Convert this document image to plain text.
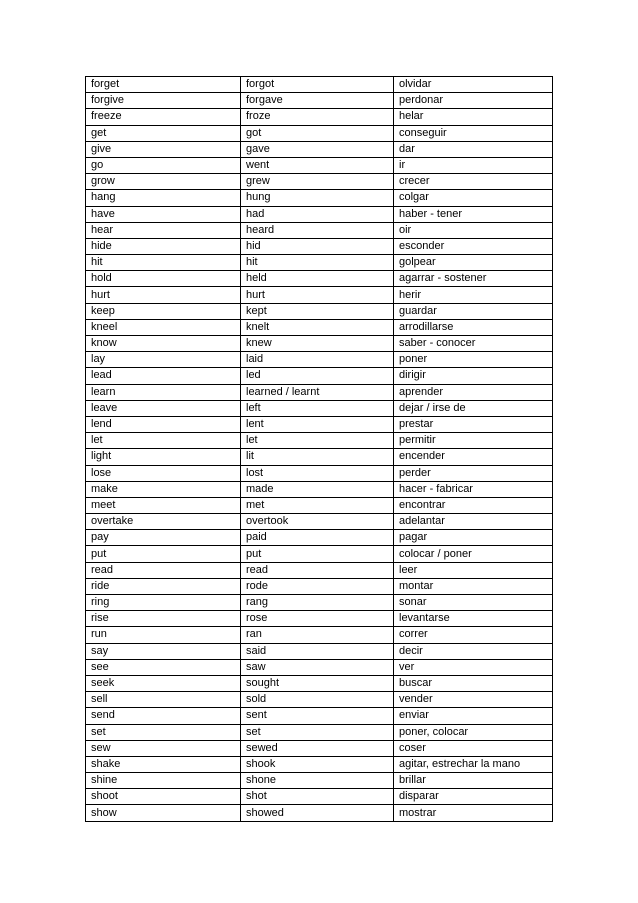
forget	forgot	olvidar
forgive	forgave	perdonar
freeze	froze	helar
get	got	conseguir
give	gave	dar
go	went	ir
grow	grew	crecer
hang	hung	colgar
have	had	haber - tener
hear	heard	oir
hide	hid	esconder
hit	hit	golpear
hold	held	agarrar - sostener
hurt	hurt	herir
keep	kept	guardar
kneel	knelt	arrodillarse
know	knew	saber - conocer
lay	laid	poner
lead	led	dirigir
learn	learned / learnt	aprender
leave	left	dejar / irse de
lend	lent	prestar
let	let	permitir
light	lit	encender
lose	lost	perder
make	made	hacer - fabricar
meet	met	encontrar
overtake	overtook	adelantar
pay	paid	pagar
put	put	colocar / poner
read	read	leer
ride	rode	montar
ring	rang	sonar
rise	rose	levantarse
run	ran	correr
say	said	decir
see	saw	ver
seek	sought	buscar
sell	sold	vender
send	sent	enviar
set	set	poner, colocar
sew	sewed	coser
shake	shook	agitar, estrechar la mano
shine	shone	brillar
shoot	shot	disparar
show	showed	mostrar
